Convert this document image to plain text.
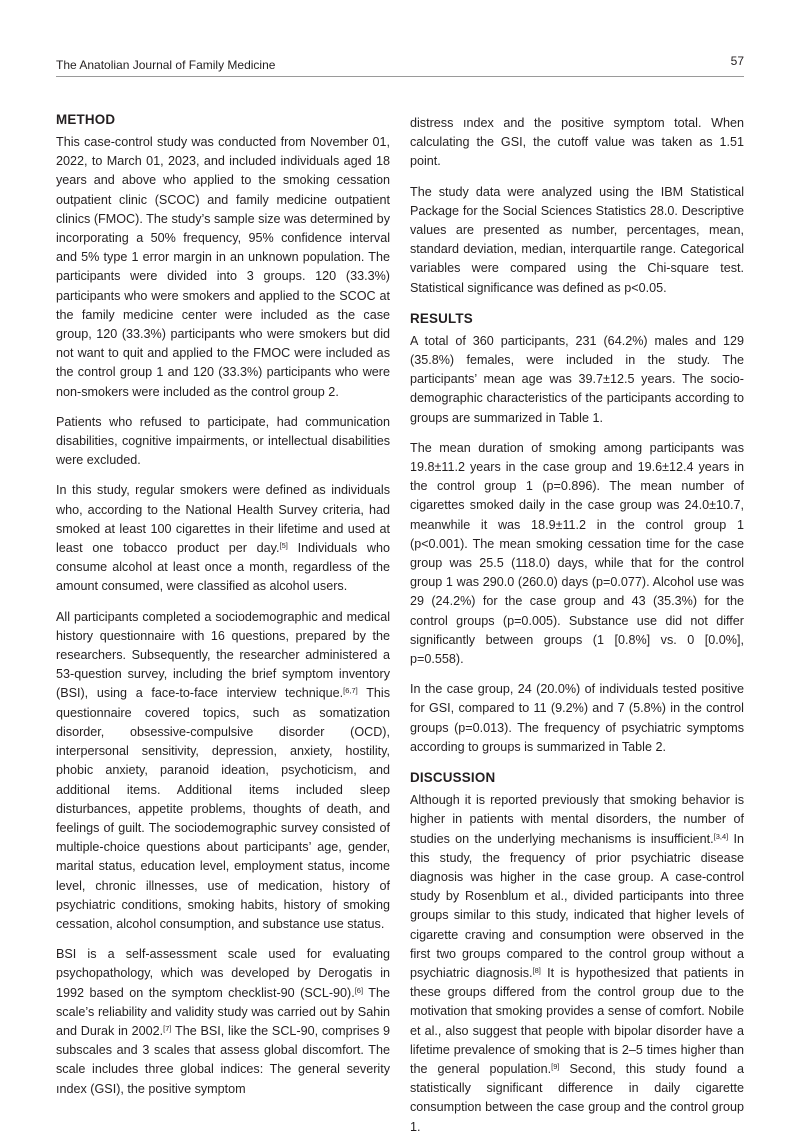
The Anatolian Journal of Family Medicine	57
METHOD

This case-control study was conducted from November 01, 2022, to March 01, 2023, and included individuals aged 18 years and above who applied to the smoking cessation outpatient clinic (SCOC) and family medicine outpatient clinics (FMOC). The study’s sample size was determined by incorporating a 50% frequency, 95% confidence interval and 5% type 1 error margin in an unknown population. The participants were divided into 3 groups. 120 (33.3%) participants who were smokers and applied to the SCOC at the family medicine center were included as the case group, 120 (33.3%) participants who were smokers but did not want to quit and applied to the FMOC were included as the control group 1 and 120 (33.3%) participants who were non-smokers were included as the control group 2.

Patients who refused to participate, had communication disabilities, cognitive impairments, or intellectual disabilities were excluded.

In this study, regular smokers were defined as individuals who, according to the National Health Survey criteria, had smoked at least 100 cigarettes in their lifetime and used at least one tobacco product per day.[5] Individuals who consume alcohol at least once a month, regardless of the amount consumed, were classified as alcohol users.

All participants completed a sociodemographic and medical history questionnaire with 16 questions, prepared by the researchers. Subsequently, the researcher administered a 53-question survey, including the brief symptom inventory (BSI), using a face-to-face interview technique.[6,7] This questionnaire covered topics, such as somatization disorder, obsessive-compulsive disorder (OCD), interpersonal sensitivity, depression, anxiety, hostility, phobic anxiety, paranoid ideation, psychoticism, and additional items. Additional items included sleep disturbances, appetite problems, thoughts of death, and feelings of guilt. The sociodemographic survey consisted of multiple-choice questions about participants’ age, gender, marital status, education level, employment status, income level, chronic illnesses, use of medication, history of psychiatric conditions, smoking habits, history of smoking cessation, alcohol consumption, and substance use status.

BSI is a self-assessment scale used for evaluating psychopathology, which was developed by Derogatis in 1992 based on the symptom checklist-90 (SCL-90).[6] The scale’s reliability and validity study was carried out by Sahin and Durak in 2002.[7] The BSI, like the SCL-90, comprises 9 subscales and 3 scales that assess global discomfort. The scale includes three global indices: The general severity ındex (GSI), the positive symptom

distress ındex and the positive symptom total. When calculating the GSI, the cutoff value was taken as 1.51 point.

The study data were analyzed using the IBM Statistical Package for the Social Sciences Statistics 28.0. Descriptive values are presented as number, percentages, mean, standard deviation, median, interquartile range. Categorical variables were compared using the Chi-square test. Statistical significance was defined as p<0.05.

RESULTS

A total of 360 participants, 231 (64.2%) males and 129 (35.8%) females, were included in the study. The participants’ mean age was 39.7±12.5 years. The socio-demographic characteristics of the participants according to groups are summarized in Table 1.

The mean duration of smoking among participants was 19.8±11.2 years in the case group and 19.6±12.4 years in the control group 1 (p=0.896). The mean number of cigarettes smoked daily in the case group was 24.0±10.7, meanwhile it was 18.9±11.2 in the control group 1 (p<0.001). The mean smoking cessation time for the case group was 25.5 (118.0) days, while that for the control group 1 was 290.0 (260.0) days (p=0.077). Alcohol use was 29 (24.2%) for the case group and 43 (35.3%) for the control groups (p=0.005). Substance use did not differ significantly between groups (1 [0.8%] vs. 0 [0.0%], p=0.558).

In the case group, 24 (20.0%) of individuals tested positive for GSI, compared to 11 (9.2%) and 7 (5.8%) in the control groups (p=0.013). The frequency of psychiatric symptoms according to groups is summarized in Table 2.

DISCUSSION

Although it is reported previously that smoking behavior is higher in patients with mental disorders, the number of studies on the underlying mechanisms is insufficient.[3,4] In this study, the frequency of prior psychiatric disease diagnosis was higher in the case group. A case-control study by Rosenblum et al., divided participants into three groups similar to this study, indicated that higher levels of cigarette craving and consumption were observed in the first two groups compared to the control group without a psychiatric diagnosis.[8] It is hypothesized that patients in these groups differed from the control group due to the motivation that smoking provides a sense of comfort. Nobile et al., also suggest that people with bipolar disorder have a lifetime prevalence of smoking that is 2–5 times higher than the general population.[9] Second, this study found a statistically significant difference in daily cigarette consumption between the case group and the control group 1.
